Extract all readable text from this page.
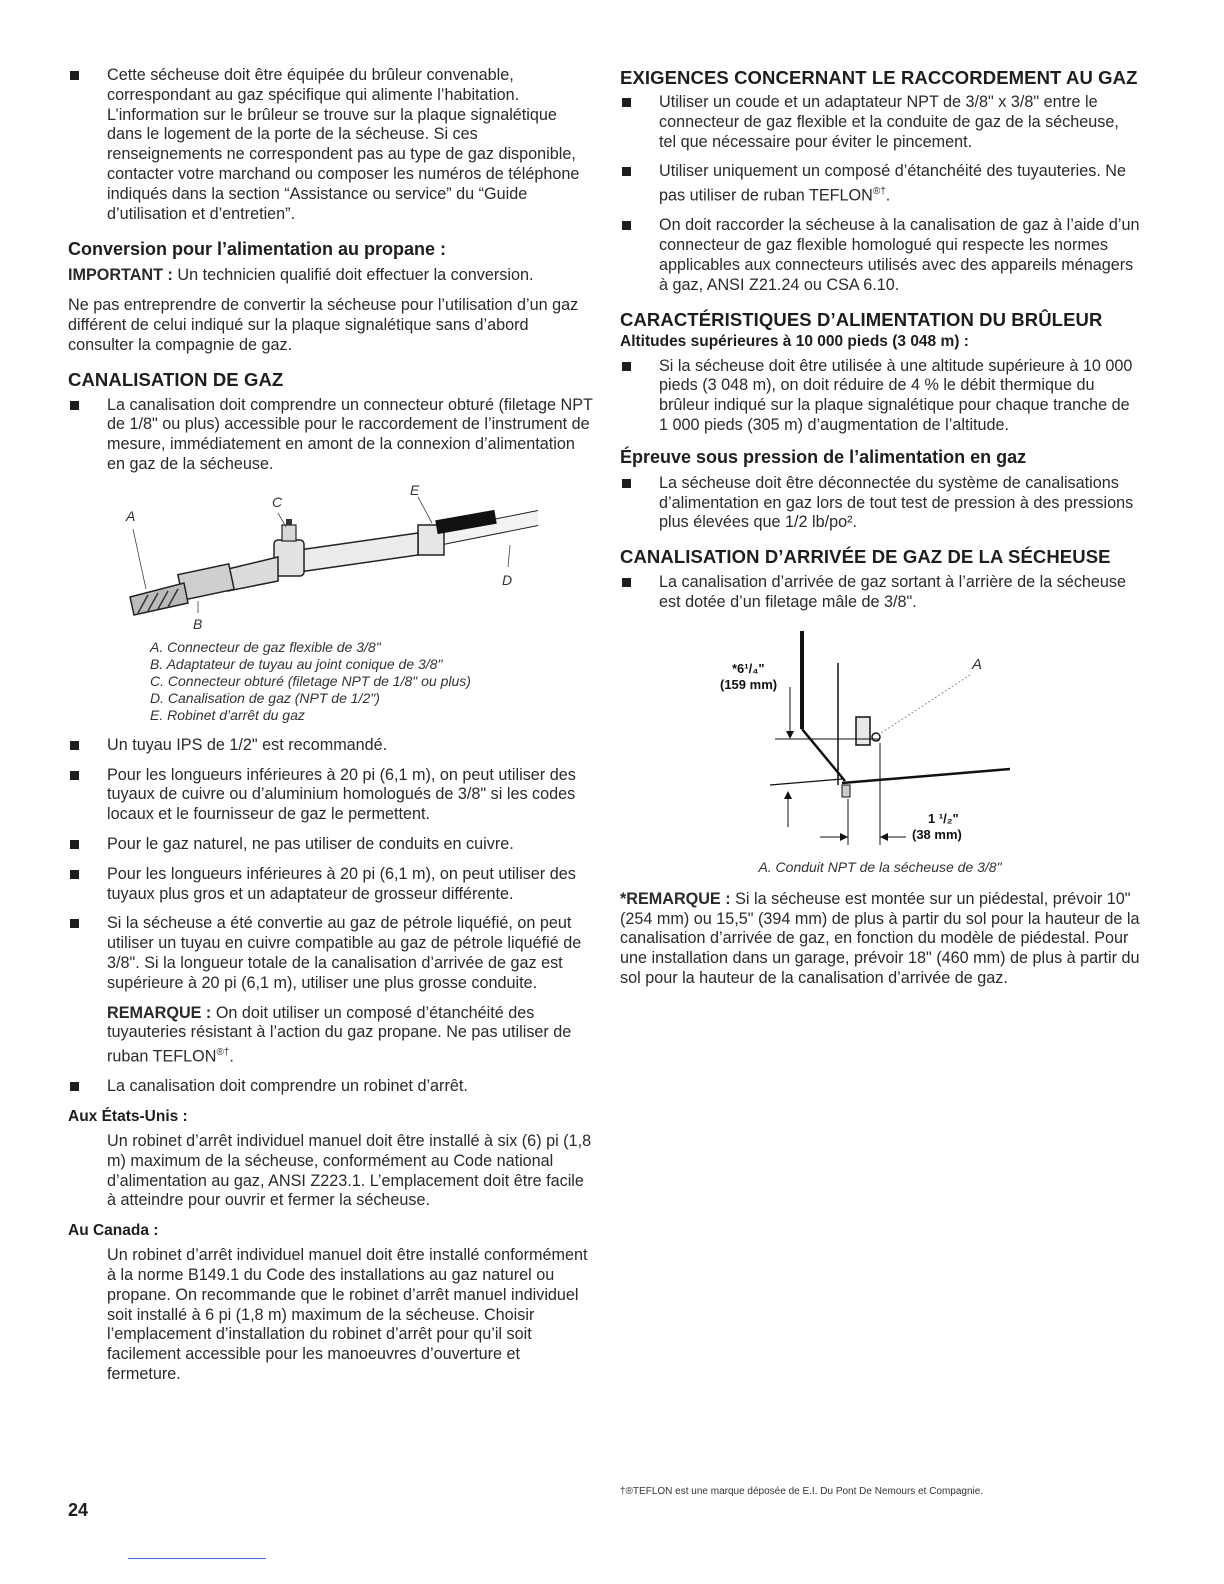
Cette sécheuse doit être équipée du brûleur convenable, correspondant au gaz spécifique qui alimente l’habitation. L’information sur le brûleur se trouve sur la plaque signalétique dans le logement de la porte de la sécheuse. Si ces renseignements ne correspondent pas au type de gaz disponible, contacter votre marchand ou composer les numéros de téléphone indiqués dans la section “Assistance ou service” du “Guide d’utilisation et d’entretien”.
Conversion pour l’alimentation au propane :

IMPORTANT : Un technicien qualifié doit effectuer la conversion.

Ne pas entreprendre de convertir la sécheuse pour l’utilisation d’un gaz différent de celui indiqué sur la plaque signalétique sans d’abord consulter la compagnie de gaz.

CANALISATION DE GAZ
La canalisation doit comprendre un connecteur obturé (filetage NPT de 1/8" ou plus) accessible pour le raccordement de l’instrument de mesure, immédiatement en amont de la connexion d’alimentation en gaz de la sécheuse.
A
B
C
D
E
A. Connecteur de gaz flexible de 3/8"
B. Adaptateur de tuyau au joint conique de 3/8"
C. Connecteur obturé (filetage NPT de 1/8" ou plus)
D. Canalisation de gaz (NPT de 1/2")
E. Robinet d’arrêt du gaz
Un tuyau IPS de 1/2" est recommandé.
Pour les longueurs inférieures à 20 pi (6,1 m), on peut utiliser des tuyaux de cuivre ou d’aluminium homologués de 3/8" si les codes locaux et le fournisseur de gaz le permettent.
Pour le gaz naturel, ne pas utiliser de conduits en cuivre.
Pour les longueurs inférieures à 20 pi (6,1 m), on peut utiliser des tuyaux plus gros et un adaptateur de grosseur différente.
Si la sécheuse a été convertie au gaz de pétrole liquéfié, on peut utiliser un tuyau en cuivre compatible au gaz de pétrole liquéfié de 3/8". Si la longueur totale de la canalisation d’arrivée de gaz est supérieure à 20 pi (6,1 m), utiliser une plus grosse conduite.

REMARQUE : On doit utiliser un composé d’étanchéité des tuyauteries résistant à l’action du gaz propane. Ne pas utiliser de ruban TEFLON®†.

La canalisation doit comprendre un robinet d’arrêt.
Aux États-Unis :

Un robinet d’arrêt individuel manuel doit être installé à six (6) pi (1,8 m) maximum de la sécheuse, conformément au Code national d’alimentation au gaz, ANSI Z223.1. L’emplacement doit être facile à atteindre pour ouvrir et fermer la sécheuse.

Au Canada :

Un robinet d’arrêt individuel manuel doit être installé conformément à la norme B149.1 du Code des installations au gaz naturel ou propane. On recommande que le robinet d’arrêt manuel individuel soit installé à 6 pi (1,8 m) maximum de la sécheuse. Choisir l’emplacement d’installation du robinet d’arrêt pour qu’il soit facilement accessible pour les manoeuvres d’ouverture et fermeture.

EXIGENCES CONCERNANT LE RACCORDEMENT AU GAZ
Utiliser un coude et un adaptateur NPT de 3/8" x 3/8" entre le connecteur de gaz flexible et la conduite de gaz de la sécheuse, tel que nécessaire pour éviter le pincement.
Utiliser uniquement un composé d’étanchéité des tuyauteries. Ne pas utiliser de ruban TEFLON®†.
On doit raccorder la sécheuse à la canalisation de gaz à l’aide d’un connecteur de gaz flexible homologué qui respecte les normes applicables aux connecteurs utilisés avec des appareils ménagers à gaz, ANSI Z21.24 ou CSA 6.10.
CARACTÉRISTIQUES D’ALIMENTATION DU BRÛLEUR
Altitudes supérieures à 10 000 pieds (3 048 m) :
Si la sécheuse doit être utilisée à une altitude supérieure à 10 000 pieds (3 048 m), on doit réduire de 4 % le débit thermique du brûleur indiqué sur la plaque signalétique pour chaque tranche de 1 000 pieds (305 m) d’augmentation de l’altitude.
Épreuve sous pression de l’alimentation en gaz
La sécheuse doit être déconnectée du système de canalisations d’alimentation en gaz lors de tout test de pression à des pressions plus élevées que 1/2 lb/po².
CANALISATION D’ARRIVÉE DE GAZ DE LA SÉCHEUSE
La canalisation d’arrivée de gaz sortant à l’arrière de la sécheuse est dotée d’un filetage mâle de 3/8".
*6¹/₄"
(159 mm)
1 ¹/₂"
(38 mm)
A
A. Conduit NPT de la sécheuse de 3/8"

*REMARQUE : Si la sécheuse est montée sur un piédestal, prévoir 10" (254 mm) ou 15,5" (394 mm) de plus à partir du sol pour la hauteur de la canalisation d’arrivée de gaz, en fonction du modèle de piédestal. Pour une installation dans un garage, prévoir 18" (460 mm) de plus à partir du sol pour la hauteur de la canalisation d’arrivée de gaz.

24
†®TEFLON est une marque déposée de E.I. Du Pont De Nemours et Compagnie.
